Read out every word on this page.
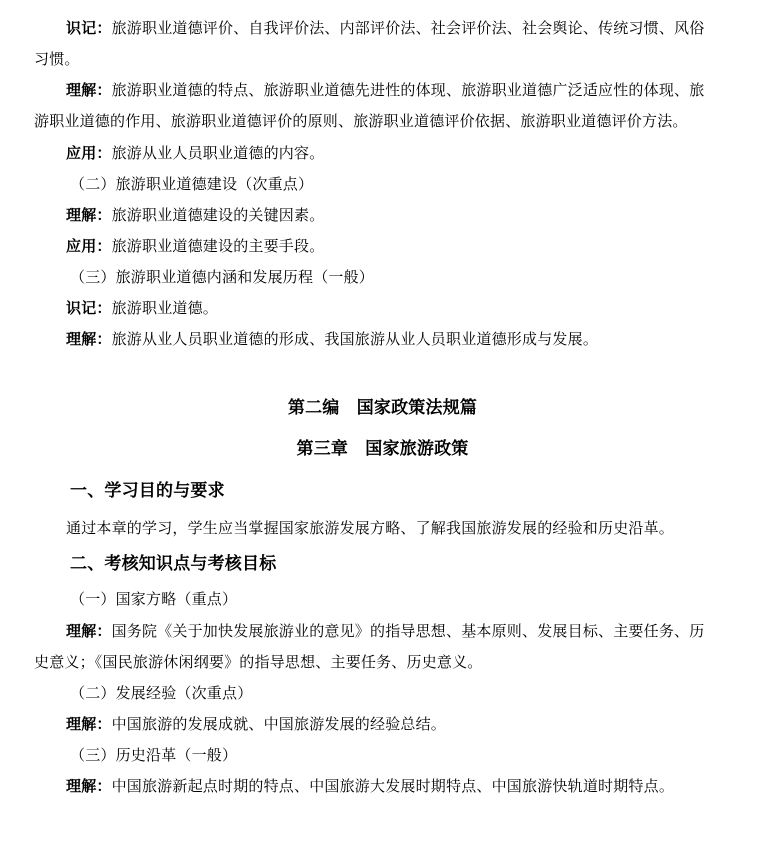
识记：旅游职业道德评价、自我评价法、内部评价法、社会评价法、社会舆论、传统习惯、风俗
习惯。
理解：旅游职业道德的特点、旅游职业道德先进性的体现、旅游职业道德广泛适应性的体现、旅
游职业道德的作用、旅游职业道德评价的原则、旅游职业道德评价依据、旅游职业道德评价方法。
应用：旅游从业人员职业道德的内容。
（二）旅游职业道德建设（次重点）
理解：旅游职业道德建设的关键因素。
应用：旅游职业道德建设的主要手段。
（三）旅游职业道德内涵和发展历程（一般）
识记：旅游职业道德。
理解：旅游从业人员职业道德的形成、我国旅游从业人员职业道德形成与发展。
第二编　国家政策法规篇
第三章　国家旅游政策
一、学习目的与要求
通过本章的学习，学生应当掌握国家旅游发展方略、了解我国旅游发展的经验和历史沿革。
二、考核知识点与考核目标
（一）国家方略（重点）
理解：国务院《关于加快发展旅游业的意见》的指导思想、基本原则、发展目标、主要任务、历
史意义；《国民旅游休闲纲要》的指导思想、主要任务、历史意义。
（二）发展经验（次重点）
理解：中国旅游的发展成就、中国旅游发展的经验总结。
（三）历史沿革（一般）
理解：中国旅游新起点时期的特点、中国旅游大发展时期特点、中国旅游快轨道时期特点。
